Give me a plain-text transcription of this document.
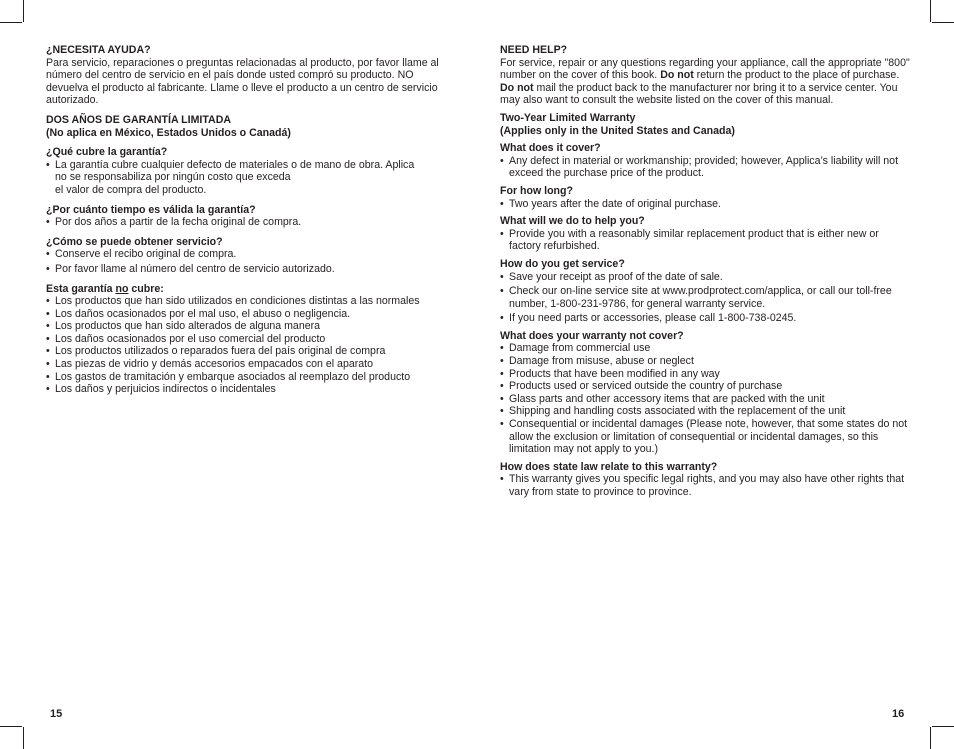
¿NECESITA AYUDA?

Para servicio, reparaciones o preguntas relacionadas al producto, por favor llame al número del centro de servicio en el país donde usted compró su producto. NO devuelva el producto al fabricante. Llame o lleve el producto a un centro de servicio autorizado.

DOS AÑOS DE GARANTÍA LIMITADA

(No aplica en México, Estados Unidos o Canadá)

¿Qué cubre la garantía?

• La garantía cubre cualquier defecto de materiales o de mano de obra. Aplica
no se responsabiliza por ningún costo que exceda
el valor de compra del producto.

¿Por cuánto tiempo es válida la garantía?

• Por dos años a partir de la fecha original de compra.

¿Cómo se puede obtener servicio?

• Conserve el recibo original de compra.
• Por favor llame al número del centro de servicio autorizado.

Esta garantía no cubre:

• Los productos que han sido utilizados en condiciones distintas a las normales
• Los daños ocasionados por el mal uso, el abuso o negligencia.
• Los productos que han sido alterados de alguna manera
• Los daños ocasionados por el uso comercial del producto
• Los productos utilizados o reparados fuera del país original de compra
• Las piezas de vidrio y demás accesorios empacados con el aparato
• Los gastos de tramitación y embarque asociados al reemplazo del producto
• Los daños y perjuicios indirectos o incidentales

NEED HELP?

For service, repair or any questions regarding your appliance, call the appropriate "800" number on the cover of this book. Do not return the product to the place of purchase. Do not mail the product back to the manufacturer nor bring it to a service center. You may also want to consult the website listed on the cover of this manual.

Two-Year Limited Warranty

(Applies only in the United States and Canada)

What does it cover?

• Any defect in material or workmanship; provided; however, Applica’s liability will not exceed the purchase price of the product.

For how long?

• Two years after the date of original purchase.

What will we do to help you?

• Provide you with a reasonably similar replacement product that is either new or factory refurbished.

How do you get service?

• Save your receipt as proof of the date of sale.
• Check our on-line service site at www.prodprotect.com/applica, or call our toll-free number, 1-800-231-9786, for general warranty service.
• If you need parts or accessories, please call 1-800-738-0245.

What does your warranty not cover?

• Damage from commercial use
• Damage from misuse, abuse or neglect
• Products that have been modified in any way
• Products used or serviced outside the country of purchase
• Glass parts and other accessory items that are packed with the unit
• Shipping and handling costs associated with the replacement of the unit
• Consequential or incidental damages (Please note, however, that some states do not allow the exclusion or limitation of consequential or incidental damages, so this limitation may not apply to you.)

How does state law relate to this warranty?

• This warranty gives you specific legal rights, and you may also have other rights that vary from state to province to province.
15	16
